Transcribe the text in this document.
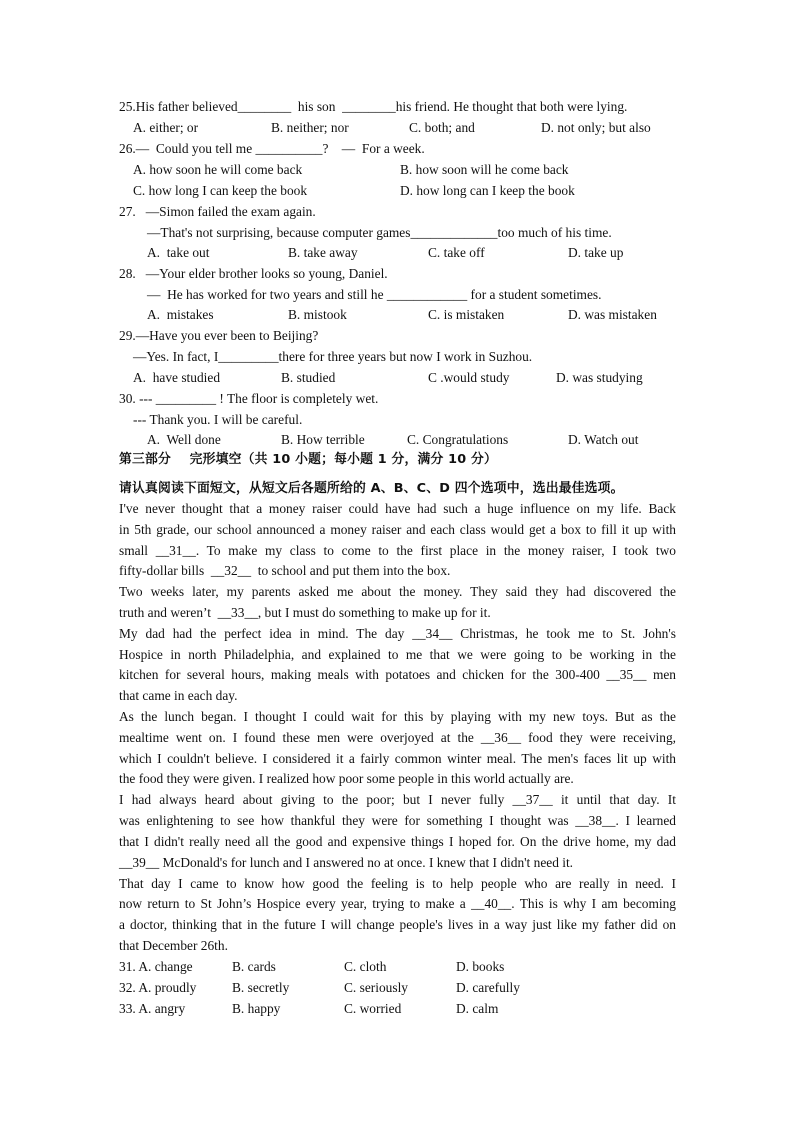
25.His father believed________  his son  ________his friend. He thought that both were lying.
A. either; or	B. neither; nor	C. both; and	D. not only; but also
26.—  Could you tell me __________?    —  For a week.
A. how soon he will come back	B. how soon will he come back
C. how long I can keep the book	D. how long can I keep the book
27.   —Simon failed the exam again.
—That's not surprising, because computer games_____________too much of his time.
A.  take out	B. take away	C. take off	D. take up
28.   —Your elder brother looks so young, Daniel.
—  He has worked for two years and still he ____________ for a student sometimes.
A.  mistakes	B. mistook	C. is mistaken	D. was mistaken
29.—Have you ever been to Beijing?
—Yes. In fact, I_________there for three years but now I work in Suzhou.
A.  have studied	B. studied	C .would study	D. was studying
30. --- _________ ! The floor is completely wet.
--- Thank you. I will be careful.
A.  Well done	B. How terrible	C. Congratulations	D. Watch out
第三部分    完形填空（共 10 小题；每小题 1 分，满分 10 分）
请认真阅读下面短文，从短文后各题所给的 A、B、C、D 四个选项中，选出最佳选项。
I've never thought that a money raiser could have had such a huge influence on my life. Back
in 5th grade, our school announced a money raiser and each class would get a box to fill it up with
small __31__. To make my class to come to the first place in the money raiser, I took two
fifty-dollar bills  __32__  to school and put them into the box.
Two weeks later, my parents asked me about the money. They said they had discovered the
truth and weren’t  __33__, but I must do something to make up for it.
My dad had the perfect idea in mind. The day __34__ Christmas, he took me to St. John's
Hospice in north Philadelphia, and explained to me that we were going to be working in the
kitchen for several hours, making meals with potatoes and chicken for the 300-400 __35__ men
that came in each day.
As the lunch began. I thought I could wait for this by playing with my new toys. But as the
mealtime went on. I found these men were overjoyed at the __36__ food they were receiving,
which I couldn't believe. I considered it a fairly common winter meal. The men's faces lit up with
the food they were given. I realized how poor some people in this world actually are.
I had always heard about giving to the poor; but I never fully __37__ it until that day. It
was enlightening to see how thankful they were for something I thought was __38__. I learned
that I didn't really need all the good and expensive things I hoped for. On the drive home, my dad
__39__ McDonald's for lunch and I answered no at once. I knew that I didn't need it.
That day I came to know how good the feeling is to help people who are really in need. I
now return to St John’s Hospice every year, trying to make a __40__. This is why I am becoming
a doctor, thinking that in the future I will change people's lives in a way just like my father did on
that December 26th.
31. A. change	B. cards	C. cloth	D. books
32. A. proudly	B. secretly	C. seriously	D. carefully
33. A. angry	B. happy	C. worried	D. calm
